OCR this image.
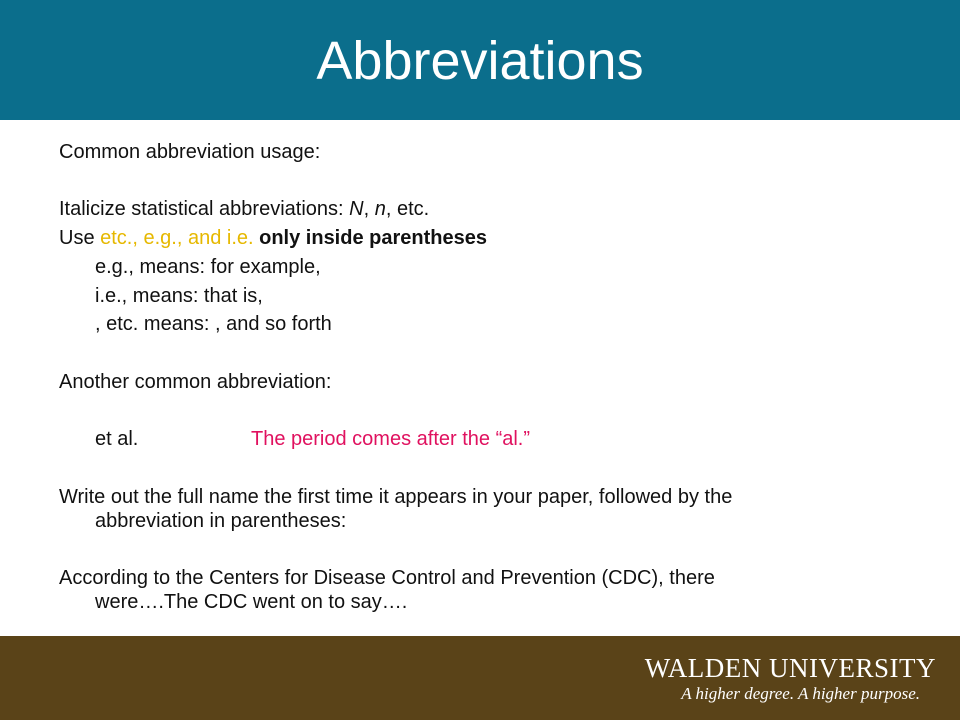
Abbreviations
Common abbreviation usage:
Italicize statistical abbreviations: N, n, etc.
Use etc., e.g., and i.e. only inside parentheses
e.g., means: for example,
i.e., means: that is,
, etc. means: , and so forth
Another common abbreviation:
et al.	The period comes after the “al.”
Write out the full name the first time it appears in your paper, followed by the
abbreviation in parentheses:
According to the Centers for Disease Control and Prevention (CDC), there
were….The CDC went on to say….
WALDEN UNIVERSITY
A higher degree. A higher purpose.
